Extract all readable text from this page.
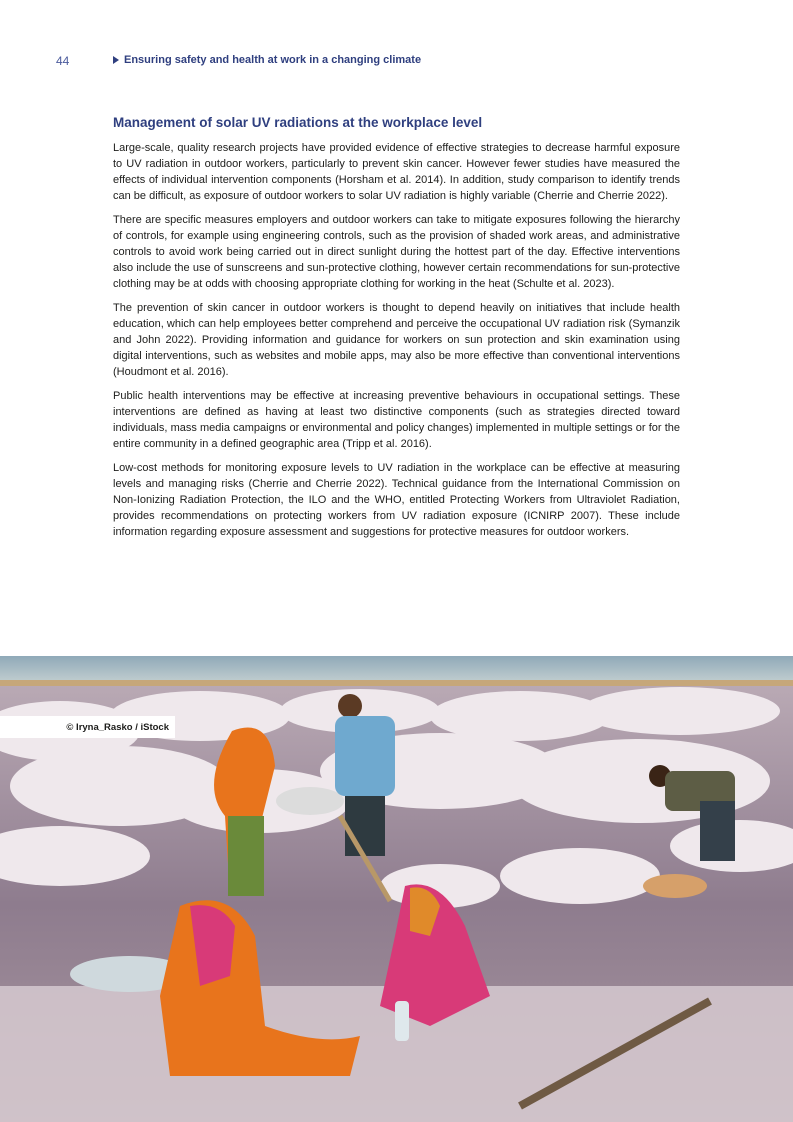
44	Ensuring safety and health at work in a changing climate
Management of solar UV radiations at the workplace level

Large-scale, quality research projects have provided evidence of effective strategies to decrease harmful exposure to UV radiation in outdoor workers, particularly to prevent skin cancer. However fewer studies have measured the effects of individual intervention components (Horsham et al. 2014). In addition, study comparison to identify trends can be difficult, as exposure of outdoor workers to solar UV radiation is highly variable (Cherrie and Cherrie 2022).

There are specific measures employers and outdoor workers can take to mitigate exposures following the hierarchy of controls, for example using engineering controls, such as the provision of shaded work areas, and administrative controls to avoid work being carried out in direct sunlight during the hottest part of the day. Effective interventions also include the use of sunscreens and sun-protective clothing, however certain recommendations for sun-protective clothing may be at odds with choosing appropriate clothing for working in the heat (Schulte et al. 2023).

The prevention of skin cancer in outdoor workers is thought to depend heavily on initiatives that include health education, which can help employees better comprehend and perceive the occupational UV radiation risk (Symanzik and John 2022). Providing information and guidance for workers on sun protection and skin examination using digital interventions, such as websites and mobile apps, may also be more effective than conventional interventions (Houdmont et al. 2016).

Public health interventions may be effective at increasing preventive behaviours in occupational settings. These interventions are defined as having at least two distinctive components (such as strategies directed toward individuals, mass media campaigns or environmental and policy changes) implemented in multiple settings or for the entire community in a defined geographic area (Tripp et al. 2016).

Low-cost methods for monitoring exposure levels to UV radiation in the workplace can be effective at measuring levels and managing risks (Cherrie and Cherrie 2022). Technical guidance from the International Commission on Non-Ionizing Radiation Protection, the ILO and the WHO, entitled Protecting Workers from Ultraviolet Radiation, provides recommendations on protecting workers from UV radiation exposure (ICNIRP 2007). These include information regarding exposure assessment and suggestions for protective measures for outdoor workers.

© Iryna_Rasko / iStock
